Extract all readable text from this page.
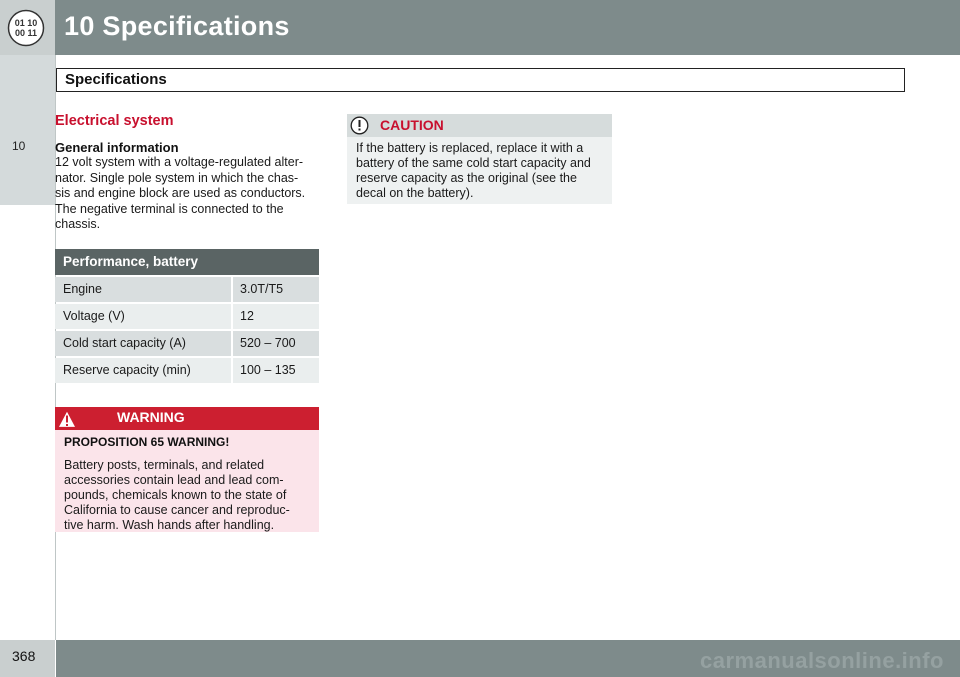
01 10
00 11 10 Specifications
10
Specifications
Electrical system
General information
12 volt system with a voltage-regulated alter-
nator. Single pole system in which the chas-
sis and engine block are used as conductors.
The negative terminal is connected to the
chassis.
Performance, battery
Engine	3.0T/T5
Voltage (V)	12
Cold start capacity (A)	520 – 700
Reserve capacity (min)	100 – 135
WARNING
PROPOSITION 65 WARNING!
Battery posts, terminals, and related
accessories contain lead and lead com-
pounds, chemicals known to the state of
California to cause cancer and reproduc-
tive harm. Wash hands after handling.
CAUTION
If the battery is replaced, replace it with a
battery of the same cold start capacity and
reserve capacity as the original (see the
decal on the battery).
368	carmanualsonline.info
